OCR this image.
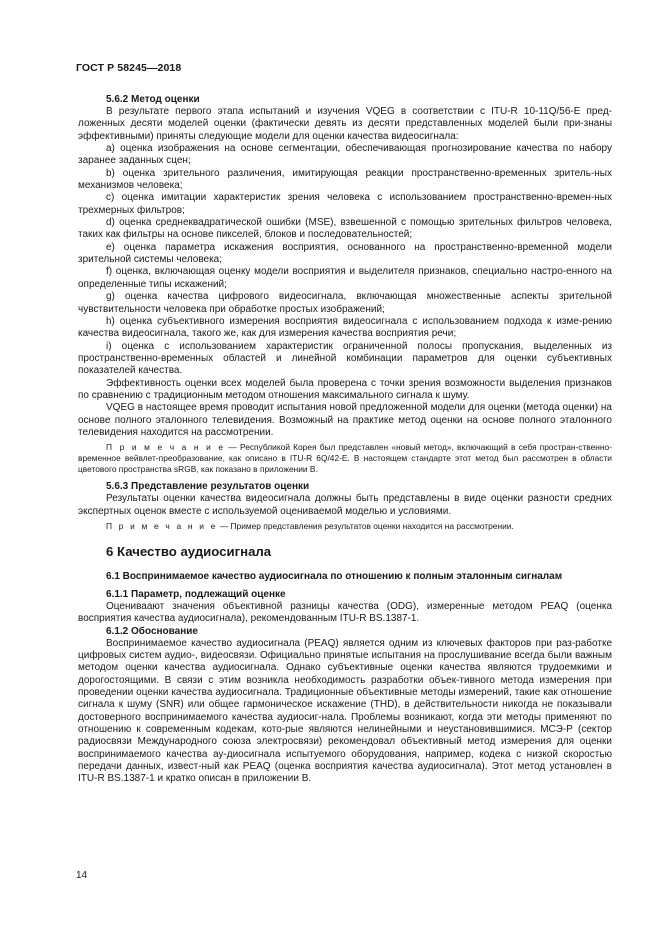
ГОСТ Р 58245—2018
5.6.2 Метод оценки

В результате первого этапа испытаний и изучения VQEG в соответствии с ITU-R 10-11Q/56-E пред-ложенных десяти моделей оценки (фактически девять из десяти представленных моделей были при-знаны эффективными) приняты следующие модели для оценки качества видеосигнала:

а) оценка изображения на основе сегментации, обеспечивающая прогнозирование качества по набору заранее заданных сцен;

b) оценка зрительного различения, имитирующая реакции пространственно-временных зритель-ных механизмов человека;

c) оценка имитации характеристик зрения человека с использованием пространственно-времен-ных трехмерных фильтров;

d) оценка среднеквадратической ошибки (MSE), взвешенной с помощью зрительных фильтров человека, таких как фильтры на основе пикселей, блоков и последовательностей;

e) оценка параметра искажения восприятия, основанного на пространственно-временной модели зрительной системы человека;

f) оценка, включающая оценку модели восприятия и выделителя признаков, специально настро-енного на определенные типы искажений;

g) оценка качества цифрового видеосигнала, включающая множественные аспекты зрительной чувствительности человека при обработке простых изображений;

h) оценка субъективного измерения восприятия видеосигнала с использованием подхода к изме-рению качества видеосигнала, такого же, как для измерения качества восприятия речи;

i) оценка с использованием характеристик ограниченной полосы пропускания, выделенных из пространственно-временных областей и линейной комбинации параметров для оценки субъективных показателей качества.

Эффективность оценки всех моделей была проверена с точки зрения возможности выделения признаков по сравнению с традиционным методом отношения максимального сигнала к шуму.

VQEG в настоящее время проводит испытания новой предложенной модели для оценки (метода оценки) на основе полного эталонного телевидения. Возможный на практике метод оценки на основе полного эталонного телевидения находится на рассмотрении.

П р и м е ч а н и е — Республикой Корея был представлен «новый метод», включающий в себя простран-ственно-временное вейвлет-преобразование, как описано в ITU-R 6Q/42-E. В настоящем стандарте этот метод был рассмотрен в области цветового пространства sRGB, как показано в приложении В.

5.6.3 Представление результатов оценки

Результаты оценки качества видеосигнала должны быть представлены в виде оценки разности средних экспертных оценок вместе с используемой оцениваемой моделью и условиями.

П р и м е ч а н и е — Пример представления результатов оценки находится на рассмотрении.

6 Качество аудиосигнала
6.1 Воспринимаемое качество аудиосигнала по отношению к полным эталонным сигналам
6.1.1 Параметр, подлежащий оценке

Оцениваают значения объективной разницы качества (ODG), измеренные методом PEAQ (оценка восприятия качества аудиосигнала), рекомендованным ITU-R BS.1387-1.

6.1.2 Обоснование

Воспринимаемое качество аудиосигнала (PEAQ) является одним из ключевых факторов при раз-работке цифровых систем аудио-, видеосвязи. Официально принятые испытания на прослушивание всегда были важным методом оценки качества аудиосигнала. Однако субъективные оценки качества являются трудоемкими и дорогостоящими. В связи с этим возникла необходимость разработки объек-тивного метода измерения при проведении оценки качества аудиосигнала. Традиционные объективные методы измерений, такие как отношение сигнала к шуму (SNR) или общее гармоническое искажение (THD), в действительности никогда не показывали достоверного воспринимаемого качества аудиосиг-нала. Проблемы возникают, когда эти методы применяют по отношению к современным кодекам, кото-рые являются нелинейными и неустановившимися. МСЭ-Р (сектор радиосвязи Международного союза электросвязи) рекомендовал объективный метод измерения для оценки воспринимаемого качества ау-диосигнала испытуемого оборудования, например, кодека с низкой скоростью передачи данных, извест-ный как PEAQ (оценка восприятия качества аудиосигнала). Этот метод установлен в ITU-R BS.1387-1 и кратко описан в приложении В.

14
